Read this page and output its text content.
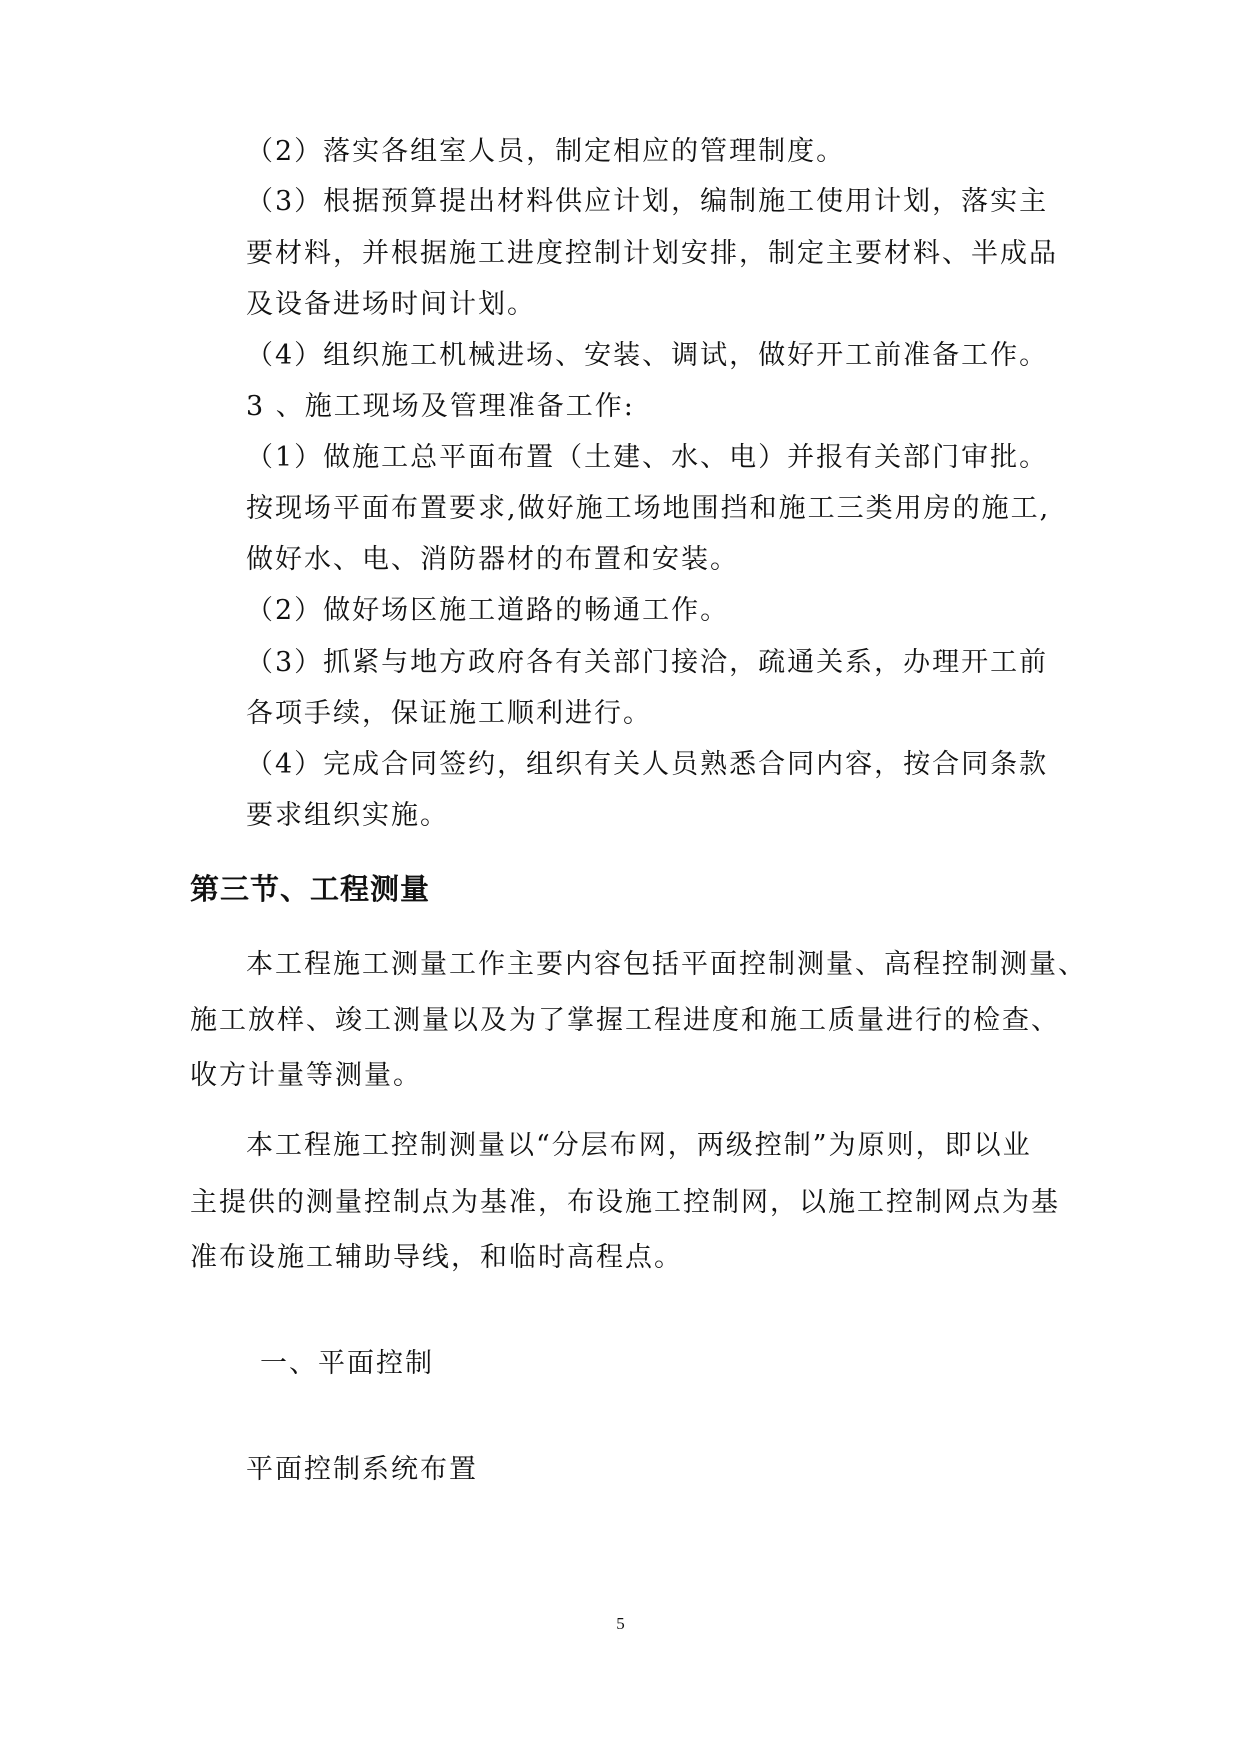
（2）落实各组室人员，制定相应的管理制度。
（3）根据预算提出材料供应计划，编制施工使用计划，落实主
要材料，并根据施工进度控制计划安排，制定主要材料、半成品
及设备进场时间计划。
（4）组织施工机械进场、安装、调试，做好开工前准备工作。
3 、施工现场及管理准备工作:
（1）做施工总平面布置（土建、水、电）并报有关部门审批。
按现场平面布置要求,做好施工场地围挡和施工三类用房的施工,
做好水、电、消防器材的布置和安装。
（2）做好场区施工道路的畅通工作。
（3）抓紧与地方政府各有关部门接洽，疏通关系，办理开工前
各项手续，保证施工顺利进行。
（4）完成合同签约，组织有关人员熟悉合同内容，按合同条款
要求组织实施。
第三节、工程测量
本工程施工测量工作主要内容包括平面控制测量、高程控制测量、
施工放样、竣工测量以及为了掌握工程进度和施工质量进行的检查、
收方计量等测量。
本工程施工控制测量以“分层布网，两级控制”为原则，即以业
主提供的测量控制点为基准，布设施工控制网，以施工控制网点为基
准布设施工辅助导线，和临时高程点。
一、平面控制
平面控制系统布置
5
